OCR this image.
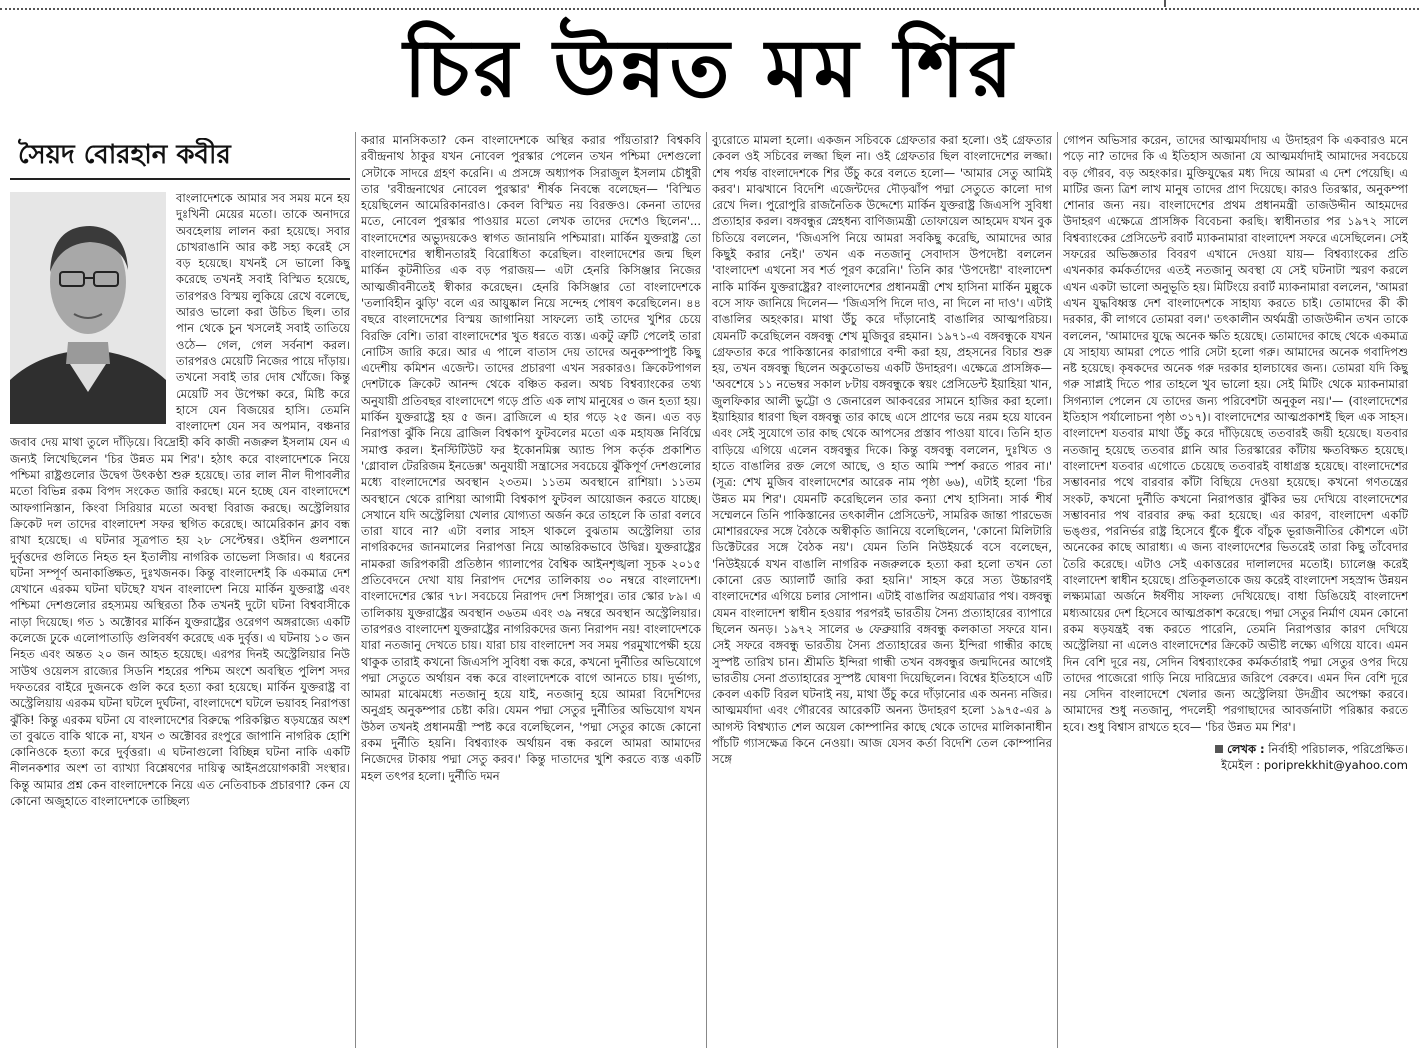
চির উন্নত মম শির
সৈয়দ বোরহান কবীর

বাংলাদেশকে আমার সব সময় মনে হয় দুঃখিনী মেয়ের মতো। তাকে অনাদরে অবহেলায় লালন করা হয়েছে। সবার চোখরাঙানি আর কষ্ট সহ্য করেই সে বড় হয়েছে। যখনই সে ভালো কিছু করেছে তখনই সবাই বিস্মিত হয়েছে, তারপরও বিস্ময় লুকিয়ে রেখে বলেছে, আরও ভালো করা উচিত ছিল। তার পান থেকে চুন খসলেই সবাই তাতিয়ে ওঠে— গেল, গেল সর্বনাশ করল। তারপরও মেয়েটি নিজের পায়ে দাঁড়ায়। তখনো সবাই তার দোষ খোঁজে। কিন্তু মেয়েটি সব উপেক্ষা করে, মিষ্টি করে হাসে যেন বিজয়ের হাসি। তেমনি বাংলাদেশ যেন সব অপমান, বঞ্চনার জবাব দেয় মাথা তুলে দাঁড়িয়ে। বিদ্রোহী কবি কাজী নজরুল ইসলাম যেন এ জন্যই লিখেছিলেন 'চির উন্নত মম শির'। হঠাৎ করে বাংলাদেশকে নিয়ে পশ্চিমা রাষ্ট্রগুলোর উদ্বেগ উৎকণ্ঠা শুরু হয়েছে। তার লাল নীল দীপাবলীর মতো বিভিন্ন রকম বিপদ সংকেত জারি করছে। মনে হচ্ছে যেন বাংলাদেশে আফগানিস্তান, কিংবা সিরিয়ার মতো অবস্থা বিরাজ করছে। অস্ট্রেলিয়ার ক্রিকেট দল তাদের বাংলাদেশ সফর স্থগিত করেছে। আমেরিকান ক্লাব বন্ধ রাখা হয়েছে। এ ঘটনার সূত্রপাত হয় ২৮ সেপ্টেম্বর। ওইদিন গুলশানে দুর্বৃত্তদের গুলিতে নিহত হন ইতালীয় নাগরিক তাভেলা সিজার। এ ধরনের ঘটনা সম্পূর্ণ অনাকাঙ্ক্ষিত, দুঃখজনক। কিন্তু বাংলাদেশই কি একমাত্র দেশ যেখানে এরকম ঘটনা ঘটছে? যখন বাংলাদেশ নিয়ে মার্কিন যুক্তরাষ্ট্র এবং পশ্চিমা দেশগুলোর রহস্যময় অস্থিরতা ঠিক তখনই দুটো ঘটনা বিশ্ববাসীকে নাড়া দিয়েছে। গত ১ অক্টোবর মার্কিন যুক্তরাষ্ট্রের ওরেগণ অঙ্গরাজ্যে একটি কলেজে ঢুকে এলোপাতাড়ি গুলিবর্ষণ করেছে এক দুর্বৃত্ত। এ ঘটনায় ১০ জন নিহত এবং অন্তত ২০ জন আহত হয়েছে। এরপর দিনই অস্ট্রেলিয়ার নিউ সাউথ ওয়েলস রাজ্যের সিডনি শহরের পশ্চিম অংশে অবস্থিত পুলিশ সদর দফতরের বাইরে দুজনকে গুলি করে হত্যা করা হয়েছে। মার্কিন যুক্তরাষ্ট্র বা অস্ট্রেলিয়ায় এরকম ঘটনা ঘটলে দুর্ঘটনা, বাংলাদেশে ঘটলে ভয়াবহ নিরাপত্তা ঝুঁকি! কিন্তু এরকম ঘটনা যে বাংলাদেশের বিরুদ্ধে পরিকল্পিত ষড়যন্ত্রের অংশ তা বুঝতে বাকি থাকে না, যখন ৩ অক্টোবর রংপুরে জাপানি নাগরিক হোশি কোনিওকে হত্যা করে দুর্বৃত্তরা। এ ঘটনাগুলো বিচ্ছিন্ন ঘটনা নাকি একটি নীলনকশার অংশ তা ব্যাখ্যা বিশ্লেষণের দায়িত্ব আইনপ্রয়োগকারী সংস্থার। কিন্তু আমার প্রশ্ন কেন বাংলাদেশকে নিয়ে এত নেতিবাচক প্রচারণা? কেন যে কোনো অজুহাতে বাংলাদেশকে তাচ্ছিল্য

করার মানসিকতা? কেন বাংলাদেশকে অস্থির করার পাঁয়তারা? বিশ্বকবি রবীন্দ্রনাথ ঠাকুর যখন নোবেল পুরস্কার পেলেন তখন পশ্চিমা দেশগুলো সেটাকে সাদরে গ্রহণ করেনি। এ প্রসঙ্গে অধ্যাপক সিরাজুল ইসলাম চৌধুরী তার 'রবীন্দ্রনাথের নোবেল পুরস্কার' শীর্ষক নিবন্ধে বলেছেন— 'বিস্মিত হয়েছিলেন আমেরিকানরাও। কেবল বিস্মিত নয় বিরক্তও। কেননা তাদের মতে, নোবেল পুরস্কার পাওয়ার মতো লেখক তাদের দেশেও ছিলেন'... বাংলাদেশের অভ্যুদয়কেও স্বাগত জানায়নি পশ্চিমারা। মার্কিন যুক্তরাষ্ট্র তো বাংলাদেশের স্বাধীনতারই বিরোধিতা করেছিল। বাংলাদেশের জন্ম ছিল মার্কিন কূটনীতির এক বড় পরাজয়— এটা হেনরি কিসিঞ্জার নিজের আত্মজীবনীতেই স্বীকার করেছেন। হেনরি কিসিঞ্জার তো বাংলাদেশকে 'তলাবিহীন ঝুড়ি' বলে এর আয়ুষ্কাল নিয়ে সন্দেহ পোষণ করেছিলেন। ৪৪ বছরে বাংলাদেশের বিস্ময় জাগানিয়া সাফল্যে তাই তাদের খুশির চেয়ে বিরক্তি বেশি। তারা বাংলাদেশের খুত ধরতে ব্যস্ত। একটু ত্রুটি পেলেই তারা নোটিস জারি করে। আর এ পালে বাতাস দেয় তাদের অনুকম্পাপুষ্ট কিছু এদেশীয় কমিশন এজেন্ট। তাদের প্রচারণা এখন সরকারও। ক্রিকেটপাগল দেশটাকে ক্রিকেট আনন্দ থেকে বঞ্চিত করল। অথচ বিশ্বব্যাংকের তথ্য অনুযায়ী প্রতিবছর বাংলাদেশে গড়ে প্রতি এক লাখ মানুষের ৩ জন হত্যা হয়। মার্কিন যুক্তরাষ্ট্রে হয় ৫ জন। ব্রাজিলে এ হার গড়ে ২৫ জন। এত বড় নিরাপত্তা ঝুঁকি নিয়ে ব্রাজিল বিশ্বকাপ ফুটবলের মতো এক মহাযজ্ঞ নির্বিঘ্নে সমাপ্ত করল। ইনস্টিটিউট ফর ইকোনমিক্স অ্যান্ড পিস কর্তৃক প্রকাশিত 'গ্লোবাল টেররিজম ইনডেক্স' অনুযায়ী সন্ত্রাসের সবচেয়ে ঝুঁকিপূর্ণ দেশগুলোর মধ্যে বাংলাদেশের অবস্থান ২৩তম। ১১তম অবস্থানে রাশিয়া। ১১তম অবস্থানে থেকে রাশিয়া আগামী বিশ্বকাপ ফুটবল আয়োজন করতে যাচ্ছে। সেখানে যদি অস্ট্রেলিয়া খেলার যোগ্যতা অর্জন করে তাহলে কি তারা বলবে তারা যাবে না? এটা বলার সাহস থাকলে বুঝতাম অস্ট্রেলিয়া তার নাগরিকদের জানমালের নিরাপত্তা নিয়ে আন্তরিকভাবে উদ্বিগ্ন। যুক্তরাষ্ট্রের নামকরা জরিপকারী প্রতিষ্ঠান গ্যালাপের বৈশ্বিক আইনশৃঙ্খলা সূচক ২০১৫ প্রতিবেদনে দেখা যায় নিরাপদ দেশের তালিকায় ৩০ নম্বরে বাংলাদেশ। বাংলাদেশের স্কোর ৭৮। সবচেয়ে নিরাপদ দেশ সিঙ্গাপুর। তার স্কোর ৮৯। এ তালিকায় যুক্তরাষ্ট্রের অবস্থান ৩৬তম এবং ৩৯ নম্বরে অবস্থান অস্ট্রেলিয়ার। তারপরও বাংলাদেশ যুক্তরাষ্ট্রের নাগরিকদের জন্য নিরাপদ নয়! বাংলাদেশকে যারা নতজানু দেখতে চায়। যারা চায় বাংলাদেশ সব সময় পরমুখাপেক্ষী হয়ে থাকুক তারাই কখনো জিএসপি সুবিধা বন্ধ করে, কখনো দুর্নীতির অভিযোগে পদ্মা সেতুতে অর্থায়ন বন্ধ করে বাংলাদেশকে বাগে আনতে চায়। দুর্ভাগ্য, আমরা মাঝেমধ্যে নতজানু হয়ে যাই, নতজানু হয়ে আমরা বিদেশিদের অনুগ্রহ অনুকম্পার চেষ্টা করি। যেমন পদ্মা সেতুর দুর্নীতির অভিযোগ যখন উঠল তখনই প্রধানমন্ত্রী স্পষ্ট করে বলেছিলেন, 'পদ্মা সেতুর কাজে কোনো রকম দুর্নীতি হয়নি। বিশ্বব্যাংক অর্থায়ন বন্ধ করলে আমরা আমাদের নিজেদের টাকায় পদ্মা সেতু করব।' কিন্তু দাতাদের খুশি করতে ব্যস্ত একটি মহল তৎপর হলো। দুর্নীতি দমন

ব্যুরোতে মামলা হলো। একজন সচিবকে গ্রেফতার করা হলো। ওই গ্রেফতার কেবল ওই সচিবের লজ্জা ছিল না। ওই গ্রেফতার ছিল বাংলাদেশের লজ্জা। শেষ পর্যন্ত বাংলাদেশকে শির উঁচু করে বলতে হলো— 'আমার সেতু আমিই করব'। মাঝখানে বিদেশি এজেন্টদের দৌড়ঝাঁপ পদ্মা সেতুতে কালো দাগ রেখে দিল। পুরোপুরি রাজনৈতিক উদ্দেশ্যে মার্কিন যুক্তরাষ্ট্র জিএসপি সুবিধা প্রত্যাহার করল। বঙ্গবন্ধুর স্নেহধন্য বাণিজ্যমন্ত্রী তোফায়েল আহমেদ যখন বুক চিতিয়ে বললেন, 'জিএসপি নিয়ে আমরা সবকিছু করেছি, আমাদের আর কিছুই করার নেই।' তখন এক নতজানু সেবাদাস উপদেষ্টা বললেন 'বাংলাদেশ এখনো সব শর্ত পূরণ করেনি।' তিনি কার 'উপদেষ্টা' বাংলাদেশ নাকি মার্কিন যুক্তরাষ্ট্রের? বাংলাদেশের প্রধানমন্ত্রী শেখ হাসিনা মার্কিন মুল্লুকে বসে সাফ জানিয়ে দিলেন— 'জিএসপি দিলে দাও, না দিলে না দাও'। এটাই বাঙালির অহংকার। মাথা উঁচু করে দাঁড়ানোই বাঙালির আত্মপরিচয়। যেমনটি করেছিলেন বঙ্গবন্ধু শেখ মুজিবুর রহমান। ১৯৭১-এ বঙ্গবন্ধুকে যখন গ্রেফতার করে পাকিস্তানের কারাগারে বন্দী করা হয়, প্রহসনের বিচার শুরু হয়, তখন বঙ্গবন্ধু ছিলেন অকুতোভয় একটি উদাহরণ। এক্ষেত্রে প্রাসঙ্গিক— 'অবশেষে ১১ নভেম্বর সকাল ৮টায় বঙ্গবন্ধুকে স্বয়ং প্রেসিডেন্ট ইয়াহিয়া খান, জুলফিকার আলী ভুট্টো ও জেনারেল আকবরের সামনে হাজির করা হলো। ইয়াহিয়ার ধারণা ছিল বঙ্গবন্ধু তার কাছে এসে প্রাণের ভয়ে নরম হয়ে যাবেন এবং সেই সুযোগে তার কাছ থেকে আপসের প্রস্তাব পাওয়া যাবে। তিনি হাত বাড়িয়ে এগিয়ে এলেন বঙ্গবন্ধুর দিকে। কিন্তু বঙ্গবন্ধু বললেন, দুঃখিত ও হাতে বাঙালির রক্ত লেগে আছে, ও হাত আমি স্পর্শ করতে পারব না।' (সূত্র: শেখ মুজিব বাংলাদেশের আরেক নাম পৃষ্ঠা ৬৬), এটাই হলো 'চির উন্নত মম শির'। যেমনটি করেছিলেন তার কন্যা শেখ হাসিনা। সার্ক শীর্ষ সম্মেলনে তিনি পাকিস্তানের তৎকালীন প্রেসিডেন্ট, সামরিক জান্তা পারভেজ মোশাররফের সঙ্গে বৈঠকে অস্বীকৃতি জানিয়ে বলেছিলেন, 'কোনো মিলিটারি ডিক্টেটরের সঙ্গে বৈঠক নয়'। যেমন তিনি নিউইয়র্কে বসে বলেছেন, 'নিউইয়র্কে যখন বাঙালি নাগরিক নজরুলকে হত্যা করা হলো তখন তো কোনো রেড অ্যালার্ট জারি করা হয়নি।' সাহস করে সত্য উচ্চারণই বাংলাদেশের এগিয়ে চলার সোপান। এটাই বাঙালির অগ্রযাত্রার পথ। বঙ্গবন্ধু যেমন বাংলাদেশ স্বাধীন হওয়ার পরপরই ভারতীয় সৈন্য প্রত্যাহারের ব্যাপারে ছিলেন অনড়। ১৯৭২ সালের ৬ ফেব্রুয়ারি বঙ্গবন্ধু কলকাতা সফরে যান। সেই সফরে বঙ্গবন্ধু ভারতীয় সৈন্য প্রত্যাহারের জন্য ইন্দিরা গান্ধীর কাছে সুস্পষ্ট তারিখ চান। শ্রীমতি ইন্দিরা গান্ধী তখন বঙ্গবন্ধুর জন্মদিনের আগেই ভারতীয় সেনা প্রত্যাহারের সুস্পষ্ট ঘোষণা দিয়েছিলেন। বিশ্বের ইতিহাসে এটি কেবল একটি বিরল ঘটনাই নয়, মাথা উঁচু করে দাঁড়ানোর এক অনন্য নজির। আত্মমর্যাদা এবং গৌরবের আরেকটি অনন্য উদাহরণ হলো ১৯৭৫-এর ৯ আগস্ট বিশ্বখ্যাত শেল অয়েল কোম্পানির কাছে থেকে তাদের মালিকানাধীন পাঁচটি গ্যাসক্ষেত্র কিনে নেওয়া। আজ যেসব কর্তা বিদেশি তেল কোম্পানির সঙ্গে

গোপন অভিসার করেন, তাদের আত্মমর্যাদায় এ উদাহরণ কি একবারও মনে পড়ে না? তাদের কি এ ইতিহাস অজানা যে আত্মমর্যাদাই আমাদের সবচেয়ে বড় গৌরব, বড় অহংকার। মুক্তিযুদ্ধের মধ্য দিয়ে আমরা এ দেশ পেয়েছি। এ মাটির জন্য ত্রিশ লাখ মানুষ তাদের প্রাণ দিয়েছে। কারও তিরস্কার, অনুকম্পা শোনার জন্য নয়। বাংলাদেশের প্রথম প্রধানমন্ত্রী তাজউদ্দীন আহমদের উদাহরণ এক্ষেত্রে প্রাসঙ্গিক বিবেচনা করছি। স্বাধীনতার পর ১৯৭২ সালে বিশ্বব্যাংকের প্রেসিডেন্ট রবার্ট ম্যাকনামারা বাংলাদেশ সফরে এসেছিলেন। সেই সফরের অভিজ্ঞতার বিবরণ এখানে দেওয়া যায়— বিশ্বব্যাংকের প্রতি এখনকার কর্মকর্তাদের এতই নতজানু অবস্থা যে সেই ঘটনাটা স্মরণ করলে এখন একটা ভালো অনুভূতি হয়। মিটিংয়ে রবার্ট ম্যাকনামারা বললেন, 'আমরা এখন যুদ্ধবিধ্বস্ত দেশ বাংলাদেশকে সাহায্য করতে চাই। তোমাদের কী কী দরকার, কী লাগবে তোমরা বল।' তৎকালীন অর্থমন্ত্রী তাজউদ্দীন তখন তাকে বললেন, 'আমাদের যুদ্ধে অনেক ক্ষতি হয়েছে। তোমাদের কাছে থেকে একমাত্র যে সাহায্য আমরা পেতে পারি সেটা হলো গরু। আমাদের অনেক গবাদিপশু নষ্ট হয়েছে। কৃষকদের অনেক গরু দরকার হালচাষের জন্য। তোমরা যদি কিছু গরু সাপ্লাই দিতে পার তাহলে খুব ভালো হয়। সেই মিটিং থেকে ম্যাকনামারা সিগন্যাল পেলেন যে তাদের জন্য পরিবেশটা অনুকূল নয়।'— (বাংলাদেশের ইতিহাস পর্যালোচনা পৃষ্ঠা ৩১৭)। বাংলাদেশের আত্মপ্রকাশই ছিল এক সাহস। বাংলাদেশ যতবার মাথা উঁচু করে দাঁড়িয়েছে ততবারই জয়ী হয়েছে। যতবার নতজানু হয়েছে ততবার গ্লানি আর তিরস্কারের কাঁটায় ক্ষতবিক্ষত হয়েছে। বাংলাদেশ যতবার এগোতে চেয়েছে ততবারই বাধাগ্রস্ত হয়েছে। বাংলাদেশের সম্ভাবনার পথে বারবার কাঁটা বিছিয়ে দেওয়া হয়েছে। কখনো গণতন্ত্রের সংকট, কখনো দুর্নীতি কখনো নিরাপত্তার ঝুঁকির ভয় দেখিয়ে বাংলাদেশের সম্ভাবনার পথ বারবার রুদ্ধ করা হয়েছে। এর কারণ, বাংলাদেশ একটি ভঙ্গুর, পরনির্ভর রাষ্ট্র হিসেবে ধুঁকে ধুঁকে বাঁচুক ভূরাজনীতির কৌশলে এটা অনেকের কাছে আরাধ্য। এ জন্য বাংলাদেশের ভিতরেই তারা কিছু তাঁবেদার তৈরি করেছে। এটাও সেই একাত্তরের দালালদের মতোই। চ্যালেঞ্জ করেই বাংলাদেশ স্বাধীন হয়েছে। প্রতিকূলতাকে জয় করেই বাংলাদেশ সহস্রাব্দ উন্নয়ন লক্ষ্যমাত্রা অর্জনে ঈর্ষণীয় সাফল্য দেখিয়েছে। বাধা ডিঙিয়েই বাংলাদেশ মধ্যআয়ের দেশ হিসেবে আত্মপ্রকাশ করেছে। পদ্মা সেতুর নির্মাণ যেমন কোনো রকম ষড়যন্ত্রই বন্ধ করতে পারেনি, তেমনি নিরাপত্তার কারণ দেখিয়ে অস্ট্রেলিয়া না এলেও বাংলাদেশের ক্রিকেট অভীষ্ট লক্ষ্যে এগিয়ে যাবে। এমন দিন বেশি দূরে নয়, সেদিন বিশ্বব্যাংকের কর্মকর্তারাই পদ্মা সেতুর ওপর দিয়ে তাদের পাজেরো গাড়ি নিয়ে দারিদ্র্যের জরিপে বেরুবে। এমন দিন বেশি দূরে নয় সেদিন বাংলাদেশে খেলার জন্য অস্ট্রেলিয়া উদগ্রীব অপেক্ষা করবে। আমাদের শুধু নতজানু, পদলেহী পরগাছাদের আবর্জনাটা পরিষ্কার করতে হবে। শুধু বিশ্বাস রাখতে হবে— 'চির উন্নত মম শির'।

লেখক : নির্বাহী পরিচালক, পরিপ্রেক্ষিত।
ইমেইল : poriprekkhit@yahoo.com
